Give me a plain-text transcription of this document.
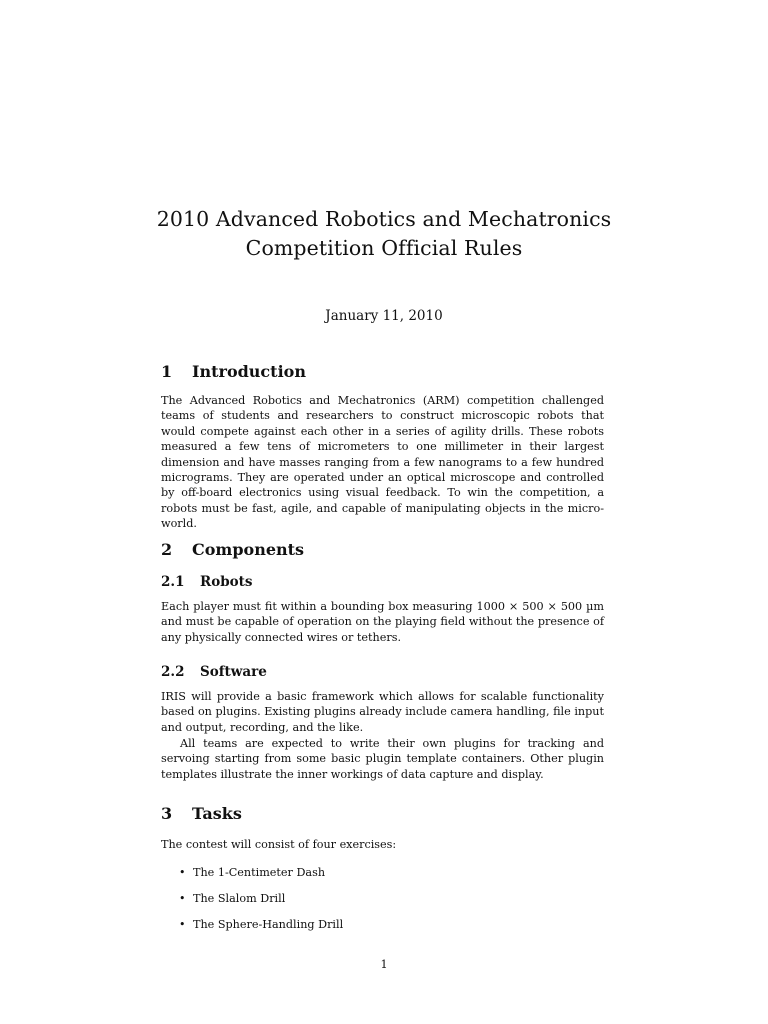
2010 Advanced Robotics and Mechatronics
Competition Official Rules

January 11, 2010

1 Introduction

The Advanced Robotics and Mechatronics (ARM) competition challenged teams of students and researchers to construct microscopic robots that would compete against each other in a series of agility drills. These robots measured a few tens of micrometers to one millimeter in their largest dimension and have masses ranging from a few nanograms to a few hundred micrograms. They are operated under an optical microscope and controlled by off-board electronics using visual feedback. To win the competition, a robots must be fast, agile, and capable of manipulating objects in the micro-world.

2 Components
2.1 Robots

Each player must fit within a bounding box measuring 1000 × 500 × 500 µm and must be capable of operation on the playing field without the presence of any physically connected wires or tethers.

2.2 Software

IRIS will provide a basic framework which allows for scalable functionality based on plugins. Existing plugins already include camera handling, file input and output, recording, and the like.

All teams are expected to write their own plugins for tracking and servoing starting from some basic plugin template containers. Other plugin templates illustrate the inner workings of data capture and display.

3 Tasks

The contest will consist of four exercises:

• The 1-Centimeter Dash
• The Slalom Drill
• The Sphere-Handling Drill

1
